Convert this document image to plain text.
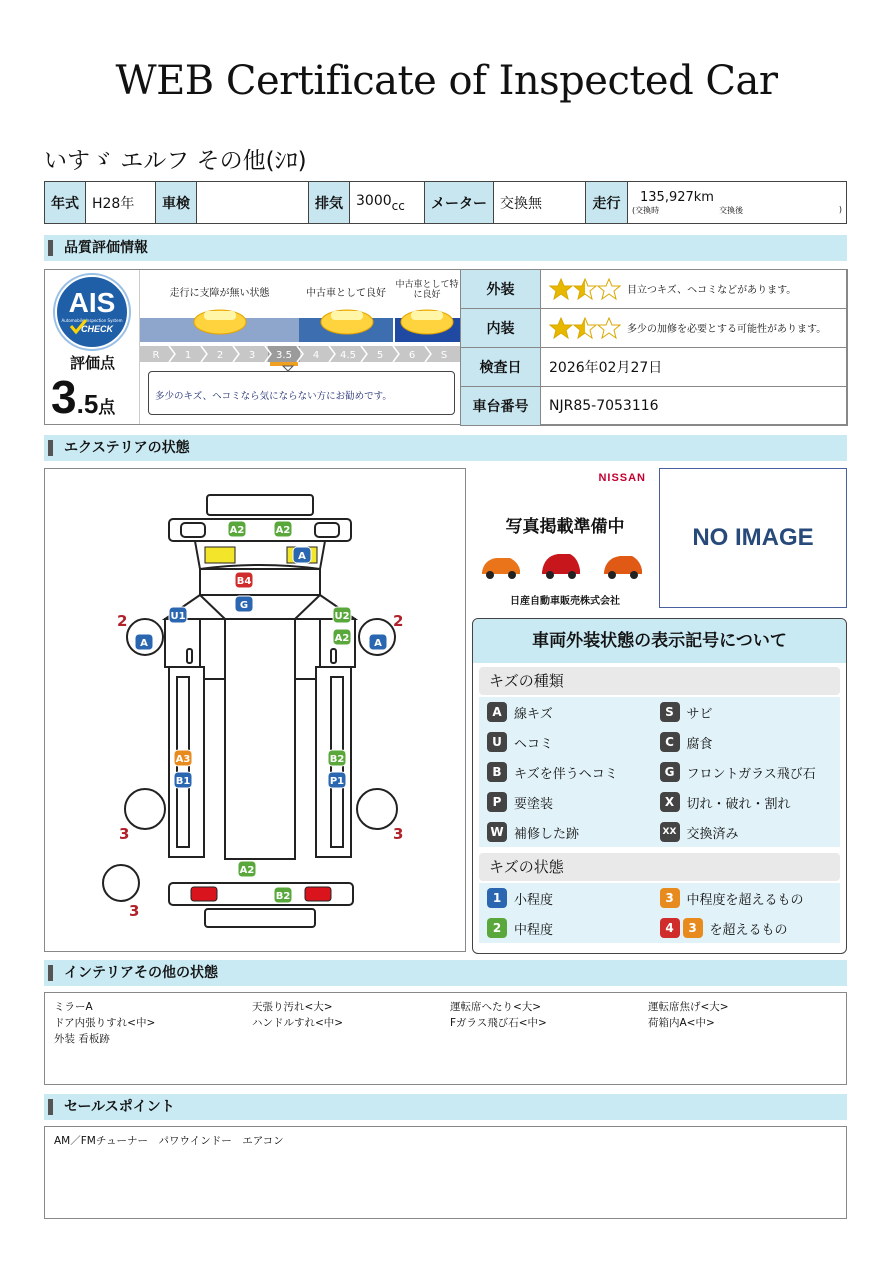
WEB Certificate of Inspected Car
いすゞ エルフ その他(ｼﾛ)
年式	H28年	車検		排気	3000cc	メーター	交換無	走行	135,927km
(交換時	交換後	)
品質評価情報
AIS
Automobile Inspection System
CHECK
評価点
3.5点
走行に支障が無い状態	中古車として良好
中古車として特に良好
R	1	2	3 3.5 4 4.5 5	6	S
多少のキズ、ヘコミなら気にならない方にお勧めです。
外装	目立つキズ、ヘコミなどがあります。
内装	多少の加修を必要とする可能性があります。
検査日	2026年02月27日
車台番号	NJR85-7053116
エクステリアの状態
A2	A2
A
B4
G
U1	U2
A2
A	A
A3
B1
B2
P1
A2
B2
2	2
3	3
3
NISSAN
写真掲載準備中
日産自動車販売株式会社
NO IMAGE
車両外装状態の表示記号について
キズの種類
A 線キズ	S サビ
U ヘコミ	C 腐食
B キズを伴うヘコミ	G フロントガラス飛び石
P 要塗装	X 切れ・破れ・割れ
W 補修した跡	XX 交換済み
キズの状態
1 小程度	3 中程度を超えるもの
2 中程度	4	3 を超えるもの
インテリアその他の状態
ミラーA	天張り汚れ<大>	運転席へたり<大>	運転席焦げ<大>
ドア内張りすれ<中>	ハンドルすれ<中>	Fガラス飛び石<中>	荷箱内A<中>
外装 看板跡
セールスポイント
AM／FMチューナー　パワウインドー　エアコン
